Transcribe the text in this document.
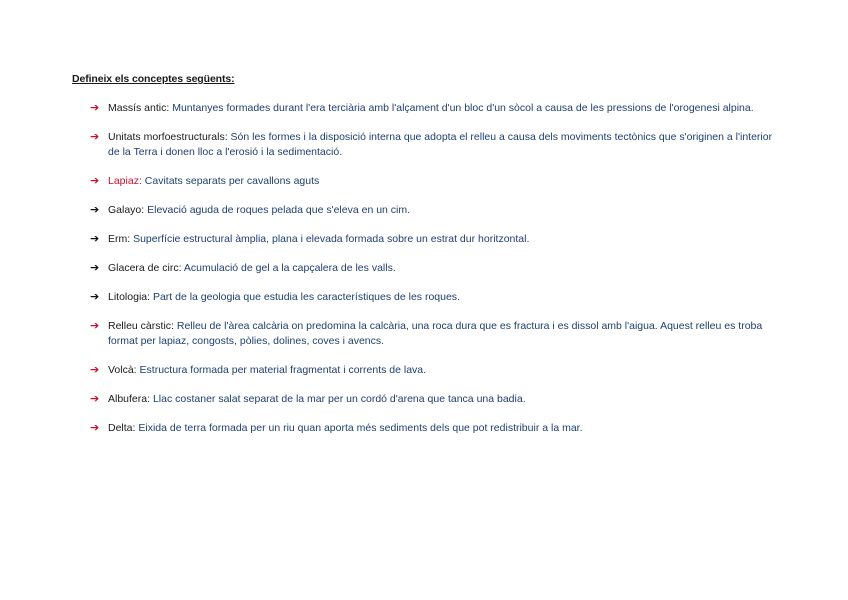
Defineix els conceptes següents:
➔ Massís antic: Muntanyes formades durant l'era terciària amb l'alçament d'un bloc d'un sòcol a causa de les pressions de l'orogenesi alpina.
➔ Unitats morfoestructurals: Són les formes i la disposició interna que adopta el relleu a causa dels moviments tectònics que s'originen a l'interior de la Terra i donen lloc a l'erosió i la sedimentació.
➔ Lapiaz: Cavitats separats per cavallons aguts
➔ Galayo: Elevació aguda de roques pelada que s'eleva en un cim.
➔ Erm: Superfície estructural àmplia, plana i elevada formada sobre un estrat dur horitzontal.
➔ Glacera de circ: Acumulació de gel a la capçalera de les valls.
➔ Litologia: Part de la geologia que estudia les característiques de les roques.
➔ Relleu càrstic: Relleu de l'àrea calcària on predomina la calcària, una roca dura que es fractura i es dissol amb l'aigua. Aquest relleu es troba format per lapiaz, congosts, pòlies, dolines, coves i avencs.
➔ Volcà: Estructura formada per material fragmentat i corrents de lava.
➔ Albufera: Llac costaner salat separat de la mar per un cordó d'arena que tanca una badia.
➔ Delta: Eixida de terra formada per un riu quan aporta més sediments dels que pot redistribuir a la mar.
